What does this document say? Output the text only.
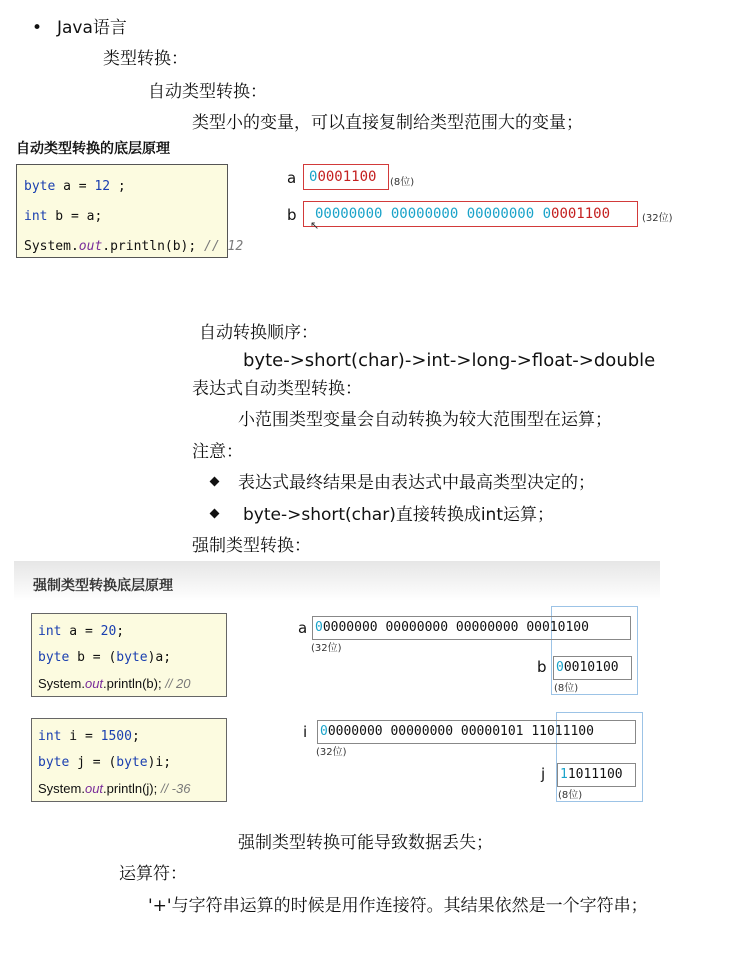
• Java语言
类型转换：
自动类型转换：
类型小的变量，可以直接复制给类型范围大的变量；
自动类型转换的底层原理
byte a = 12 ;
int b = a;
System.out.println(b); // 12
a 00001100 (8位)
b 00000000 00000000 00000000 00001100	(32位)
↖
自动转换顺序：
byte->short(char)->int->long->float->double
表达式自动类型转换：
小范围类型变量会自动转换为较大范围型在运算；
注意：
表达式最终结果是由表达式中最高类型决定的；
byte->short(char)直接转换成int运算；
强制类型转换：
强制类型转换底层原理
int a = 20;
byte b = (byte)a;
System.out.println(b); // 20
int i = 1500;
byte j = (byte)i;
System.out.println(j); // -36
a 00000000 00000000 00000000 00010100
(32位)
b 00010100
(8位)
i 00000000 00000000 00000101 11011100
(32位)
j 11011100
(8位)
强制类型转换可能导致数据丢失；
运算符：
'+'与字符串运算的时候是用作连接符。其结果依然是一个字符串；
